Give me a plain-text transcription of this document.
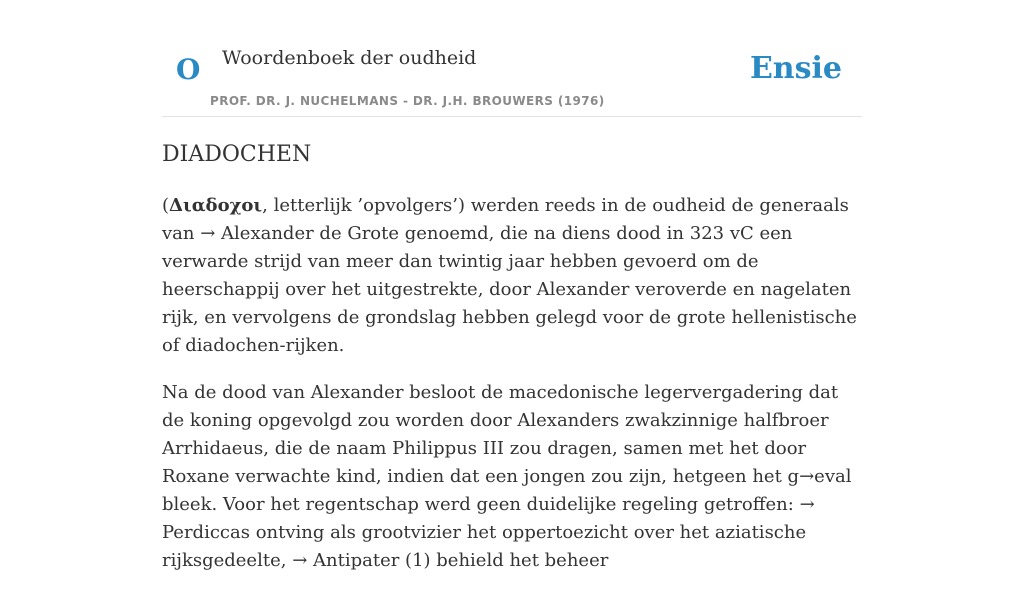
O Woordenboek der oudheid
PROF. DR. J. NUCHELMANS - DR. J.H. BROUWERS (1976)
Ensie
DIADOCHEN

(Διαδοχοι, letterlijk ’opvolgers’) werden reeds in de oudheid de generaals van → Alexander de Grote genoemd, die na diens dood in 323 vC een verwarde strijd van meer dan twintig jaar hebben gevoerd om de heerschappij over het uitgestrekte, door Alexander veroverde en nagelaten rijk, en vervolgens de grondslag hebben gelegd voor de grote hellenistische of diadochen-rijken.

Na de dood van Alexander besloot de macedonische legervergadering dat de koning opgevolgd zou worden door Alexanders zwakzinnige halfbroer Arrhidaeus, die de naam Philippus III zou dragen, samen met het door Roxane verwachte kind, indien dat een jongen zou zijn, hetgeen het g→eval bleek. Voor het regentschap werd geen duidelijke regeling getroffen: → Perdiccas ontving als grootvizier het oppertoezicht over het aziatische rijksgedeelte, → Antipater (1) behield het beheer
